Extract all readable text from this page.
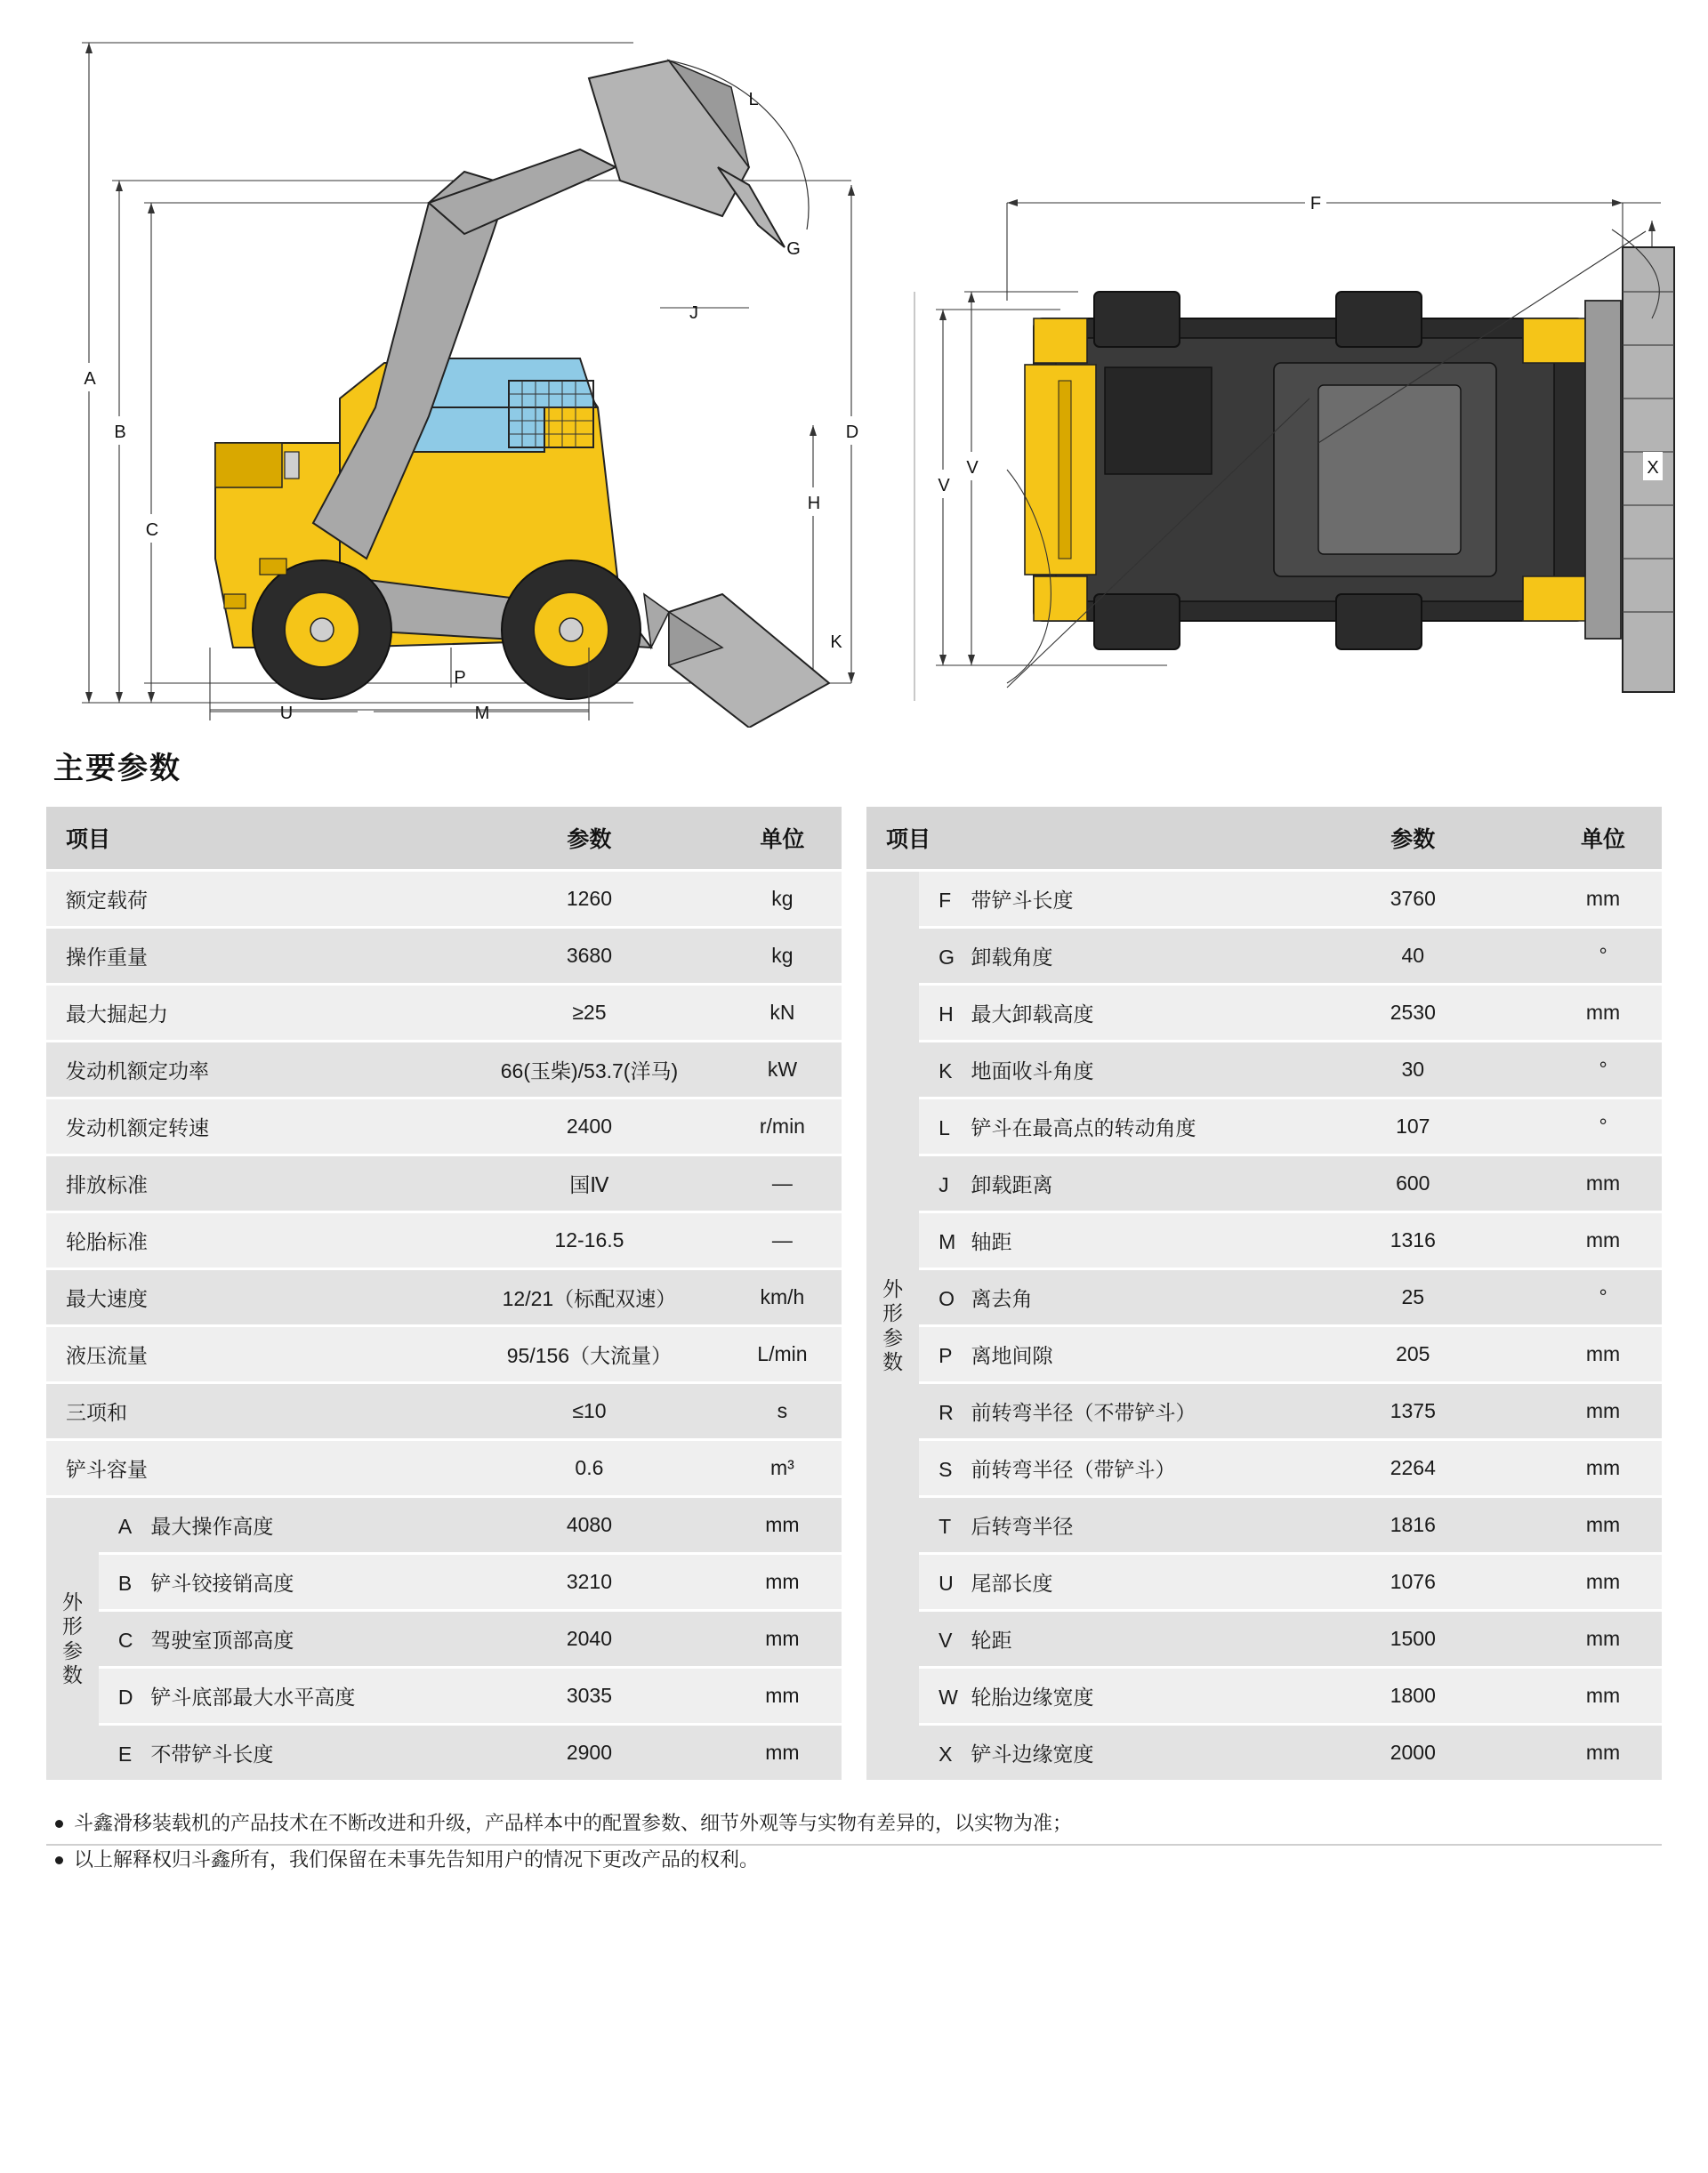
A
B
C
D
H
L
G
J
K
P
M
U
V
V
F
X
主要参数
项目		参数	单位
额定载荷		1260	kg
操作重量		3680	kg
最大掘起力		≥25	kN
发动机额定功率		66(玉柴)/53.7(洋马)	kW
发动机额定转速		2400	r/min
排放标准		国Ⅳ	—
轮胎标准		12-16.5	—
最大速度		12/21（标配双速）	km/h
液压流量		95/156（大流量）	L/min
三项和		≤10	s
铲斗容量		0.6	m³

外形参数	A 最大操作高度	4080	mm
	B 铲斗铰接销高度	3210	mm
	C 驾驶室顶部高度	2040	mm
	D 铲斗底部最大水平高度	3035	mm
	E 不带铲斗长度	2900	mm
项目		参数	单位

外形参数	F 带铲斗长度	3760	mm
	G 卸载角度	40	°
	H 最大卸载高度	2530	mm
	K 地面收斗角度	30	°
	L 铲斗在最高点的转动角度	107	°
	J 卸载距离	600	mm
	M 轴距	1316	mm
	O 离去角	25	°
	P 离地间隙	205	mm
	R 前转弯半径（不带铲斗）	1375	mm
	S 前转弯半径（带铲斗）	2264	mm
	T 后转弯半径	1816	mm
	U 尾部长度	1076	mm
	V 轮距	1500	mm
	W 轮胎边缘宽度	1800	mm
	X 铲斗边缘宽度	2000	mm
斗鑫滑移装载机的产品技术在不断改进和升级，产品样本中的配置参数、细节外观等与实物有差异的，以实物为准；
以上解释权归斗鑫所有，我们保留在未事先告知用户的情况下更改产品的权利。
